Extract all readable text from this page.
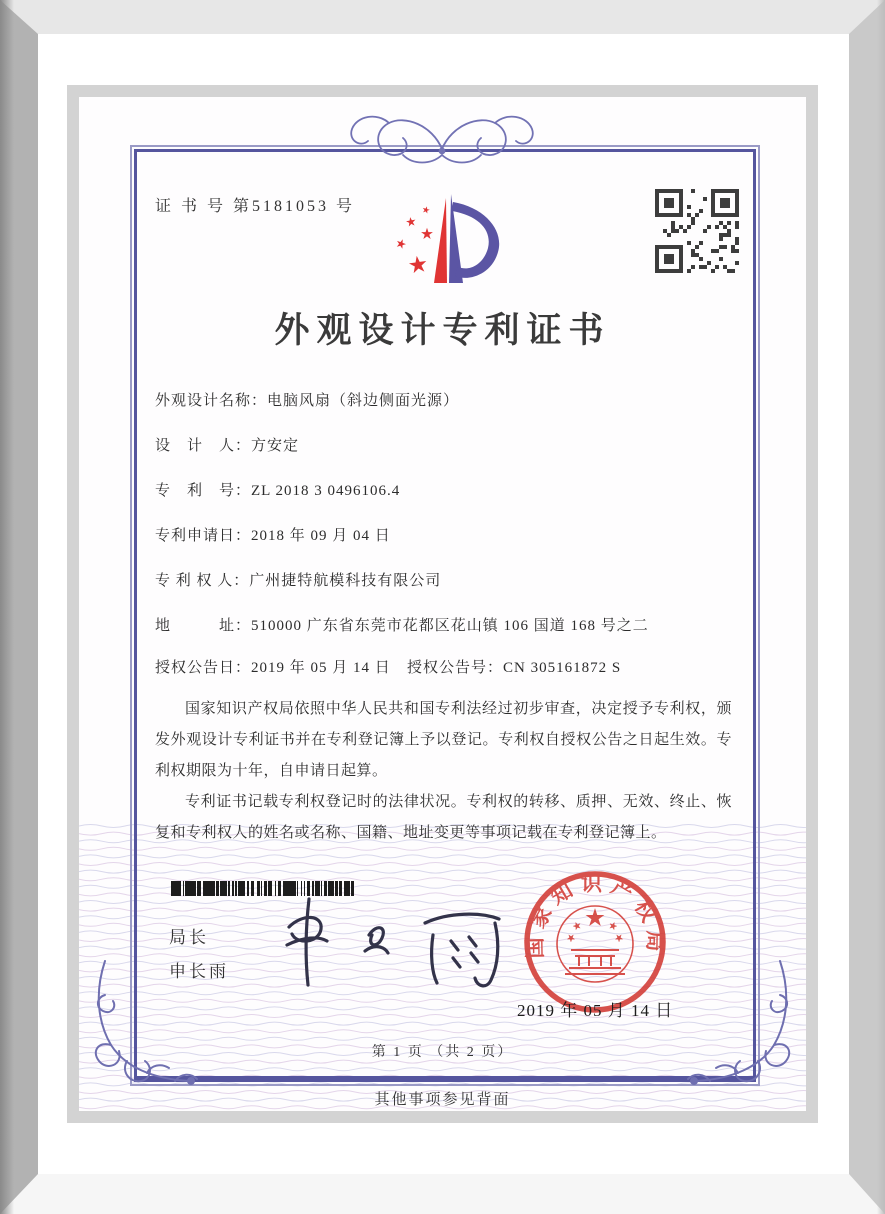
证 书 号 第5181053 号
外观设计专利证书
外观设计名称：电脑风扇（斜边侧面光源）
设　计　人：方安定
专　利　号：ZL 2018 3 0496106.4
专利申请日：2018 年 09 月 04 日
专 利 权 人：广州捷特航模科技有限公司
地　　　址：510000 广东省东莞市花都区花山镇 106 国道 168 号之二
授权公告日：2019 年 05 月 14 日 授权公告号：CN 305161872 S

国家知识产权局依照中华人民共和国专利法经过初步审查，决定授予专利权，颁发外观设计专利证书并在专利登记簿上予以登记。专利权自授权公告之日起生效。专利权期限为十年，自申请日起算。

专利证书记载专利权登记时的法律状况。专利权的转移、质押、无效、终止、恢复和专利权人的姓名或名称、国籍、地址变更等事项记载在专利登记簿上。

局长
申长雨
国家知识产权局
2019 年 05 月 14 日
第 1 页 （共 2 页）
其他事项参见背面
